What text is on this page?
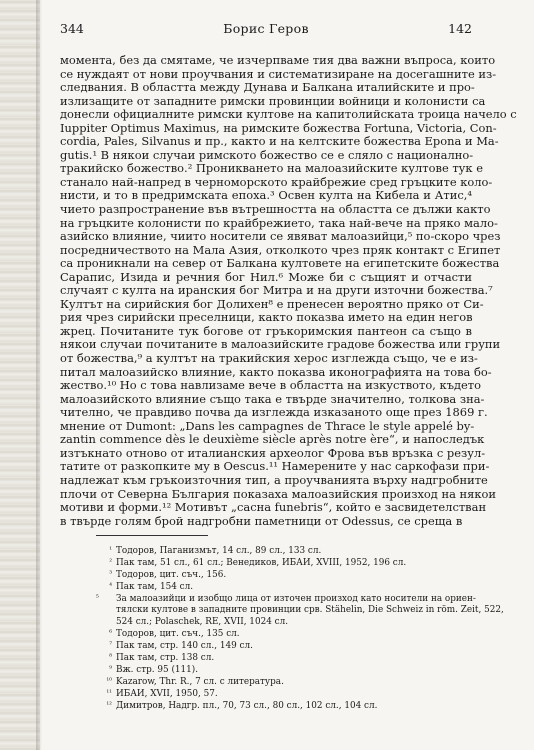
344	Борис Геров	142
момента, без да смятаме, че изчерпваме тия два важни въпроса, които
се нуждаят от нови проучвания и систематизиране на досегашните из-
следвания. В областта между Дунава и Балкана италийските и про-
излизащите от западните римски провинции войници и колонисти са
донесли официалните римски култове на капитолийската троица начело с
Iuppiter Optimus Maximus, на римските божества Fortuna, Victoria, Con-
cordia, Pales, Silvanus и пр., както и на келтските божества Epona и Ma-
gutis.¹ В някои случаи римското божество се е сляло с национално-
тракийско божество.² Проникването на малоазийските култове тук е
станало най-напред в черноморското крайбрежие сред гръцките коло-
нисти, и то в предримската епоха.³ Освен култа на Кибела и Атис,⁴
чието разпространение във вътрешността на областта се дължи както
на гръцките колонисти по крайбрежието, така най-вече на пряко мало-
азийско влияние, чиито носители се явяват малоазийци,⁵ по-скоро чрез
посредничеството на Мала Азия, отколкото чрез пряк контакт с Египет
са проникнали на север от Балкана култовете на египетските божества
Сарапис, Изида и речния бог Нил.⁶ Може би с същият и отчасти
случаят с култа на иранския бог Митра и на други източни божества.⁷
Култът на сирийския бог Долихен⁸ е пренесен вероятно пряко от Си-
рия чрез сирийски преселници, както показва името на един негов
жрец. Почитаните тук богове от гръкоримския пантеон са също в
някои случаи почитаните в малоазийските градове божества или групи
от божества,⁹ а култът на тракийския херос изглежда също, че е из-
питал малоазийско влияние, както показва иконографията на това бо-
жество.¹⁰ Но с това навлизаме вече в областта на изкуството, където
малоазийското влияние също така е твърде значително, толкова зна-
чително, че правдиво почва да изглежда изказаното още през 1869 г.
мнение от Dumont: „Dans les campagnes de Thrace le style appelé by-
zantin commence dès le deuxième siècle après notre ère“, и напоследък
изтъкнато отново от италианския археолог Фрова във връзка с резул-
татите от разкопките му в Oescus.¹¹ Намерените у нас саркофази при-
надлежат към гръкоизточния тип, а проучванията върху надгробните
плочи от Северна България показаха малоазийския произход на някои
мотиви и форми.¹² Мотивът „сасна funebris“, който е засвидетелстван
в твърде голям брой надгробни паметници от Odessus, се среща в
¹ Тодоров, Паганизмът, 14 сл., 89 сл., 133 сл.
² Пак там, 51 сл., 61 сл.; Венедиков, ИБАИ, XVIII, 1952, 196 сл.
³ Тодоров, цит. съч., 156.
⁴ Пак там, 154 сл.
⁵ За малоазийци и изобщо лица от източен произход като носители на ориен-
тялски култове в западните провинции срв. Stähelin, Die Schweiz in röm. Zeit, 522,
524 сл.; Polaschek, RE, XVII, 1024 сл.
⁶ Тодоров, цит. съч., 135 сл.
⁷ Пак там, стр. 140 сл., 149 сл.
⁸ Пак там, стр. 138 сл.
⁹ Вж. стр. 95 (111).
¹⁰ Kazarow, Thr. R., 7 сл. с литература.
¹¹ ИБАИ, XVII, 1950, 57.
¹² Димитров, Надгр. пл., 70, 73 сл., 80 сл., 102 сл., 104 сл.
